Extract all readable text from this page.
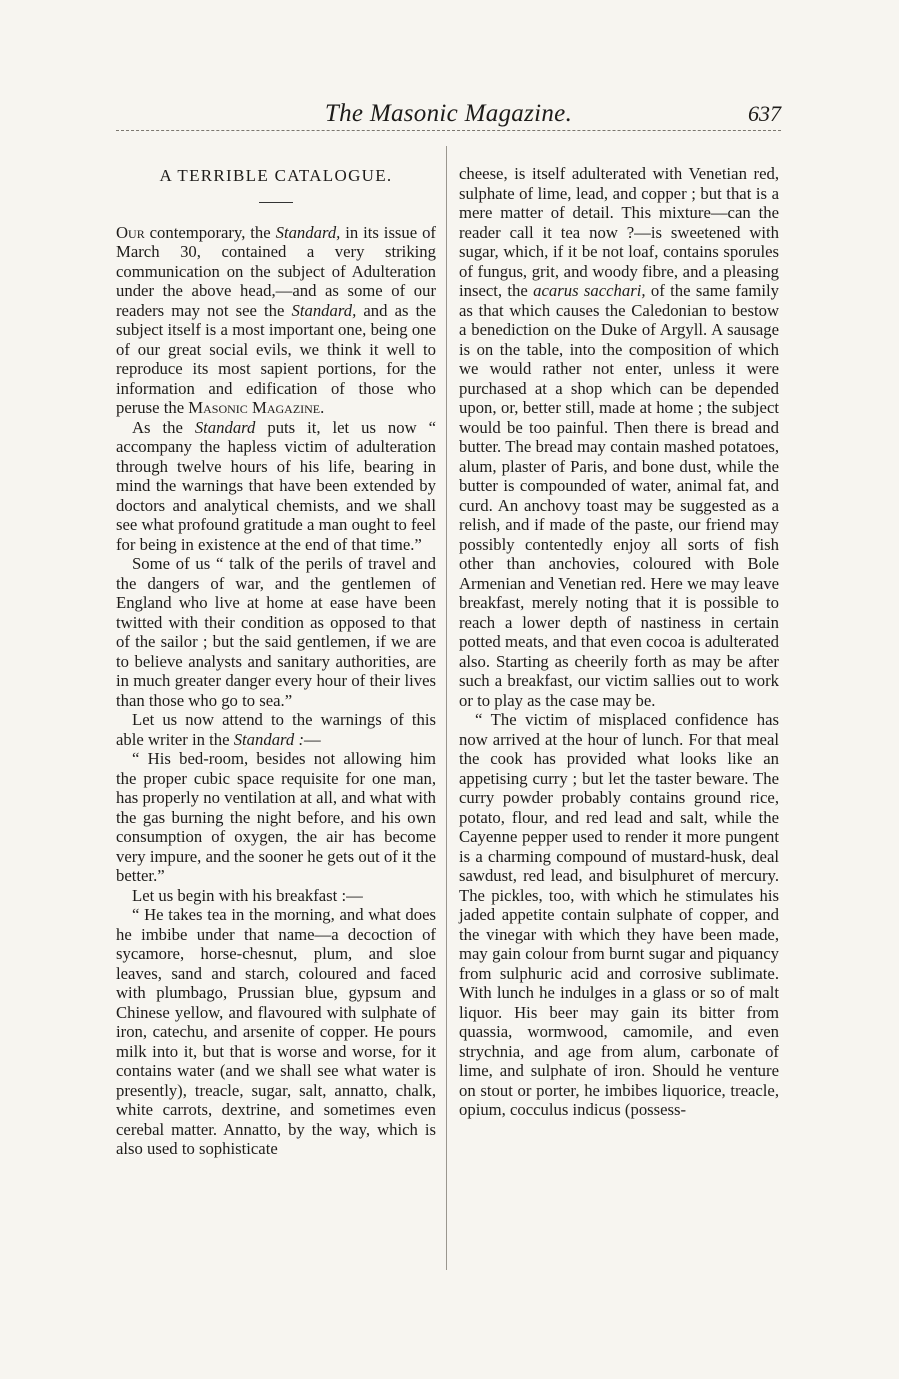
The Masonic Magazine.	637
A TERRIBLE CATALOGUE.

Our contemporary, the Standard, in its issue of March 30, contained a very striking communication on the subject of Adulteration under the above head,—and as some of our readers may not see the Standard, and as the subject itself is a most important one, being one of our great social evils, we think it well to reproduce its most sapient portions, for the information and edification of those who peruse the Masonic Magazine.

As the Standard puts it, let us now “ accompany the hapless victim of adulteration through twelve hours of his life, bearing in mind the warnings that have been extended by doctors and analytical chemists, and we shall see what profound gratitude a man ought to feel for being in existence at the end of that time.”

Some of us “ talk of the perils of travel and the dangers of war, and the gentlemen of England who live at home at ease have been twitted with their condition as opposed to that of the sailor ; but the said gentlemen, if we are to believe analysts and sanitary authorities, are in much greater danger every hour of their lives than those who go to sea.”

Let us now attend to the warnings of this able writer in the Standard :—

“ His bed-room, besides not allowing him the proper cubic space requisite for one man, has properly no ventilation at all, and what with the gas burning the night before, and his own consumption of oxygen, the air has become very impure, and the sooner he gets out of it the better.”

Let us begin with his breakfast :—

“ He takes tea in the morning, and what does he imbibe under that name—a decoction of sycamore, horse-chesnut, plum, and sloe leaves, sand and starch, coloured and faced with plumbago, Prussian blue, gypsum and Chinese yellow, and flavoured with sulphate of iron, catechu, and arsenite of copper. He pours milk into it, but that is worse and worse, for it contains water (and we shall see what water is presently), treacle, sugar, salt, annatto, chalk, white carrots, dextrine, and sometimes even cerebal matter. Annatto, by the way, which is also used to sophisticate

cheese, is itself adulterated with Venetian red, sulphate of lime, lead, and copper ; but that is a mere matter of detail. This mixture—can the reader call it tea now ?—is sweetened with sugar, which, if it be not loaf, contains sporules of fungus, grit, and woody fibre, and a pleasing insect, the acarus sacchari, of the same family as that which causes the Caledonian to bestow a benediction on the Duke of Argyll. A sausage is on the table, into the composition of which we would rather not enter, unless it were purchased at a shop which can be depended upon, or, better still, made at home ; the subject would be too painful. Then there is bread and butter. The bread may contain mashed potatoes, alum, plaster of Paris, and bone dust, while the butter is compounded of water, animal fat, and curd. An anchovy toast may be suggested as a relish, and if made of the paste, our friend may possibly contentedly enjoy all sorts of fish other than anchovies, coloured with Bole Armenian and Venetian red. Here we may leave breakfast, merely noting that it is possible to reach a lower depth of nastiness in certain potted meats, and that even cocoa is adulterated also. Starting as cheerily forth as may be after such a breakfast, our victim sallies out to work or to play as the case may be.

“ The victim of misplaced confidence has now arrived at the hour of lunch. For that meal the cook has provided what looks like an appetising curry ; but let the taster beware. The curry powder probably contains ground rice, potato, flour, and red lead and salt, while the Cayenne pepper used to render it more pungent is a charming compound of mustard-husk, deal sawdust, red lead, and bisulphuret of mercury. The pickles, too, with which he stimulates his jaded appetite contain sulphate of copper, and the vinegar with which they have been made, may gain colour from burnt sugar and piquancy from sulphuric acid and corrosive sublimate. With lunch he indulges in a glass or so of malt liquor. His beer may gain its bitter from quassia, wormwood, camomile, and even strychnia, and age from alum, carbonate of lime, and sulphate of iron. Should he venture on stout or porter, he imbibes liquorice, treacle, opium, cocculus indicus (possess-
